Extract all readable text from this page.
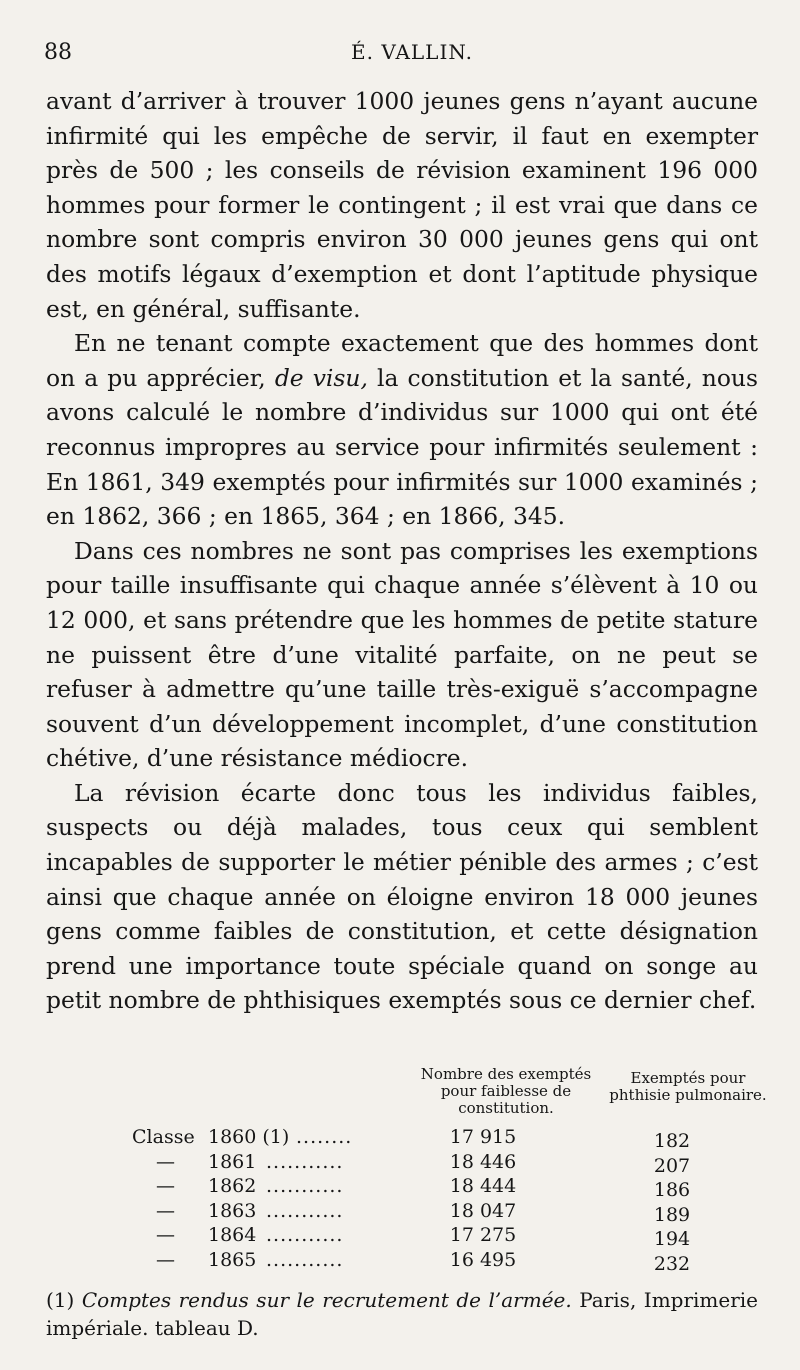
88	É. VALLIN.

avant d’arriver à trouver 1000 jeunes gens n’ayant aucune infirmité qui les empêche de servir, il faut en exempter près de 500 ; les conseils de révision examinent 196 000 hommes pour former le contingent ; il est vrai que dans ce nombre sont compris environ 30 000 jeunes gens qui ont des motifs légaux d’exemption et dont l’aptitude physique est, en général, suffisante.

En ne tenant compte exactement que des hommes dont on a pu apprécier, de visu, la constitution et la santé, nous avons calculé le nombre d’individus sur 1000 qui ont été reconnus impropres au service pour infirmités seulement : En 1861, 349 exemptés pour infirmités sur 1000 examinés ; en 1862, 366 ; en 1865, 364 ; en 1866, 345.

Dans ces nombres ne sont pas comprises les exemptions pour taille insuffisante qui chaque année s’élèvent à 10 ou 12 000, et sans prétendre que les hommes de petite stature ne puissent être d’une vitalité parfaite, on ne peut se refuser à admettre qu’une taille très-exiguë s’accompagne souvent d’un développement incomplet, d’une constitution chétive, d’une résistance médiocre.

La révision écarte donc tous les individus faibles, suspects ou déjà malades, tous ceux qui semblent incapables de supporter le métier pénible des armes ; c’est ainsi que chaque année on éloigne environ 18 000 jeunes gens comme faibles de constitution, et cette désignation prend une importance toute spéciale quand on songe au petit nombre de phthisiques exemptés sous ce dernier chef.

Nombre des exemptés pour faiblesse de constitution.
Exemptés pour phthisie pulmonaire.
Classe 1860 (1) ........	17 915	182
— 1861 ...........	18 446	207
— 1862 ...........	18 444	186
— 1863 ...........	18 047	189
— 1864 ...........	17 275	194
— 1865 ...........	16 495	232
(1) Comptes rendus sur le recrutement de l’armée. Paris, Imprimerie impériale. tableau D.
